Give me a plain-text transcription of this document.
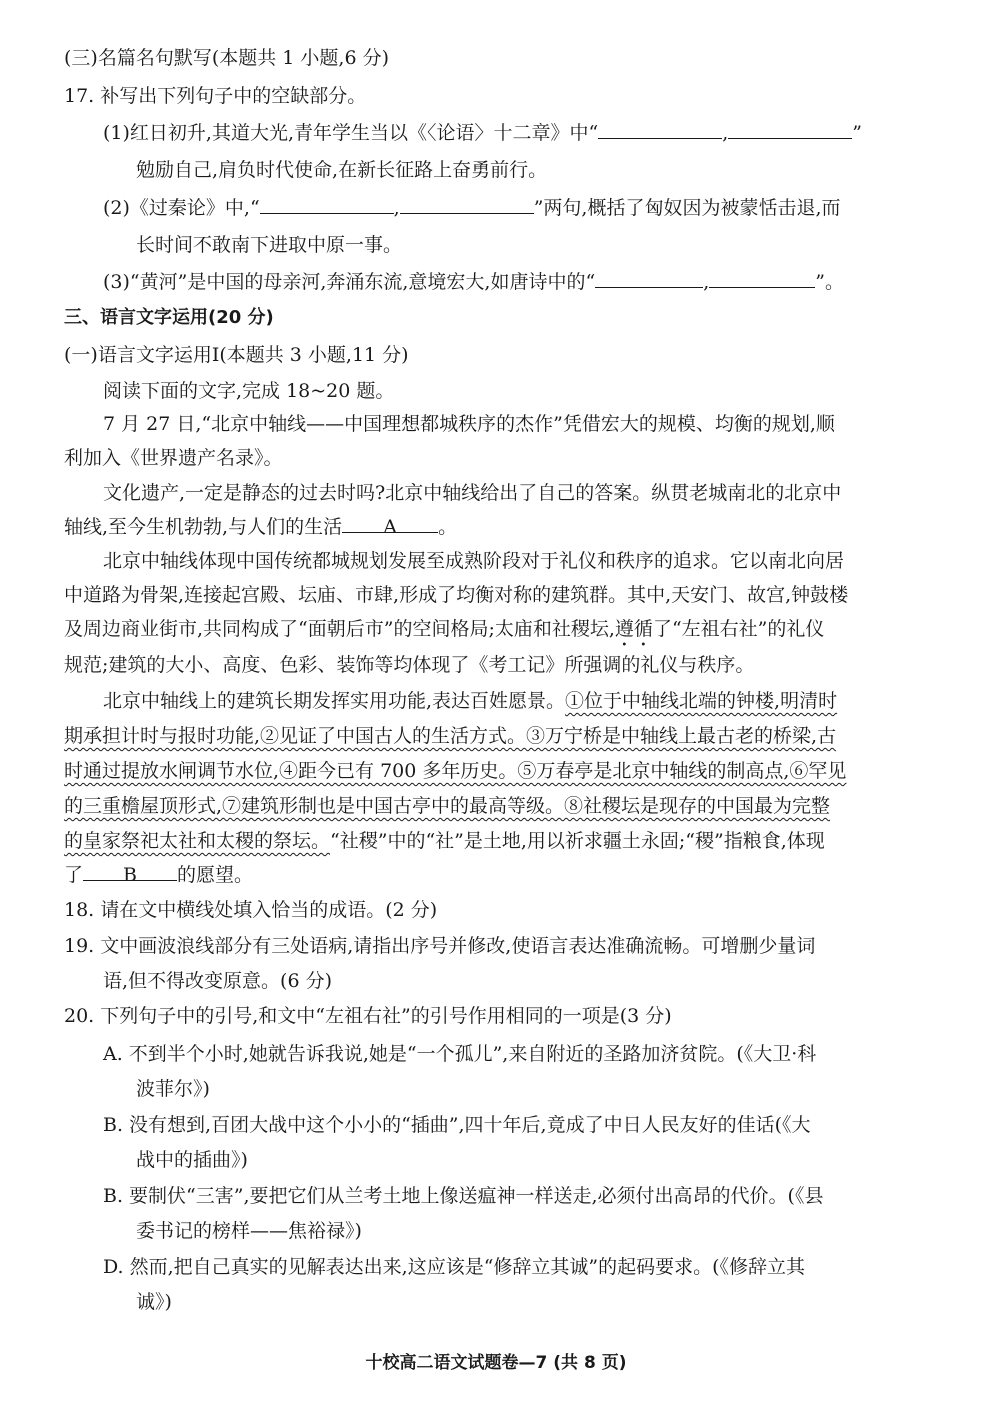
(三)名篇名句默写(本题共 1 小题,6 分)
17. 补写出下列句子中的空缺部分。
(1)红日初升,其道大光,青年学生当以《〈论语〉十二章》中“	,	”
勉励自己,肩负时代使命,在新长征路上奋勇前行。
(2)《过秦论》中,“	,	”两句,概括了匈奴因为被蒙恬击退,而
长时间不敢南下进取中原一事。
(3)“黄河”是中国的母亲河,奔涌东流,意境宏大,如唐诗中的“	,	”。
三、语言文字运用(20 分)
(一)语言文字运用Ⅰ(本题共 3 小题,11 分)
阅读下面的文字,完成 18~20 题。
7 月 27 日,“北京中轴线——中国理想都城秩序的杰作”凭借宏大的规模、均衡的规划,顺
利加入《世界遗产名录》。
文化遗产,一定是静态的过去时吗?北京中轴线给出了自己的答案。纵贯老城南北的北京中
轴线,至今生机勃勃,与人们的生活 A 。
北京中轴线体现中国传统都城规划发展至成熟阶段对于礼仪和秩序的追求。它以南北向居
中道路为骨架,连接起宫殿、坛庙、市肆,形成了均衡对称的建筑群。其中,天安门、故宫,钟鼓楼
及周边商业街市,共同构成了“面朝后市”的空间格局;太庙和社稷坛,遵循了“左祖右社”的礼仪
规范;建筑的大小、高度、色彩、装饰等均体现了《考工记》所强调的礼仪与秩序。
北京中轴线上的建筑长期发挥实用功能,表达百姓愿景。①位于中轴线北端的钟楼,明清时
期承担计时与报时功能,②见证了中国古人的生活方式。③万宁桥是中轴线上最古老的桥梁,古
时通过提放水闸调节水位,④距今已有 700 多年历史。⑤万春亭是北京中轴线的制高点,⑥罕见
的三重檐屋顶形式,⑦建筑形制也是中国古亭中的最高等级。⑧社稷坛是现存的中国最为完整
的皇家祭祀太社和太稷的祭坛。“社稷”中的“社”是土地,用以祈求疆土永固;“稷”指粮食,体现
了 B 的愿望。
18. 请在文中横线处填入恰当的成语。(2 分)
19. 文中画波浪线部分有三处语病,请指出序号并修改,使语言表达准确流畅。可增删少量词
语,但不得改变原意。(6 分)
20. 下列句子中的引号,和文中“左祖右社”的引号作用相同的一项是(3 分)
A. 不到半个小时,她就告诉我说,她是“一个孤儿”,来自附近的圣路加济贫院。(《大卫·科
波菲尔》)
B. 没有想到,百团大战中这个小小的“插曲”,四十年后,竟成了中日人民友好的佳话(《大
战中的插曲》)
B. 要制伏“三害”,要把它们从兰考土地上像送瘟神一样送走,必须付出高昂的代价。(《县
委书记的榜样——焦裕禄》)
D. 然而,把自己真实的见解表达出来,这应该是“修辞立其诚”的起码要求。(《修辞立其
诚》)
十校高二语文试题卷—7 (共 8 页)
